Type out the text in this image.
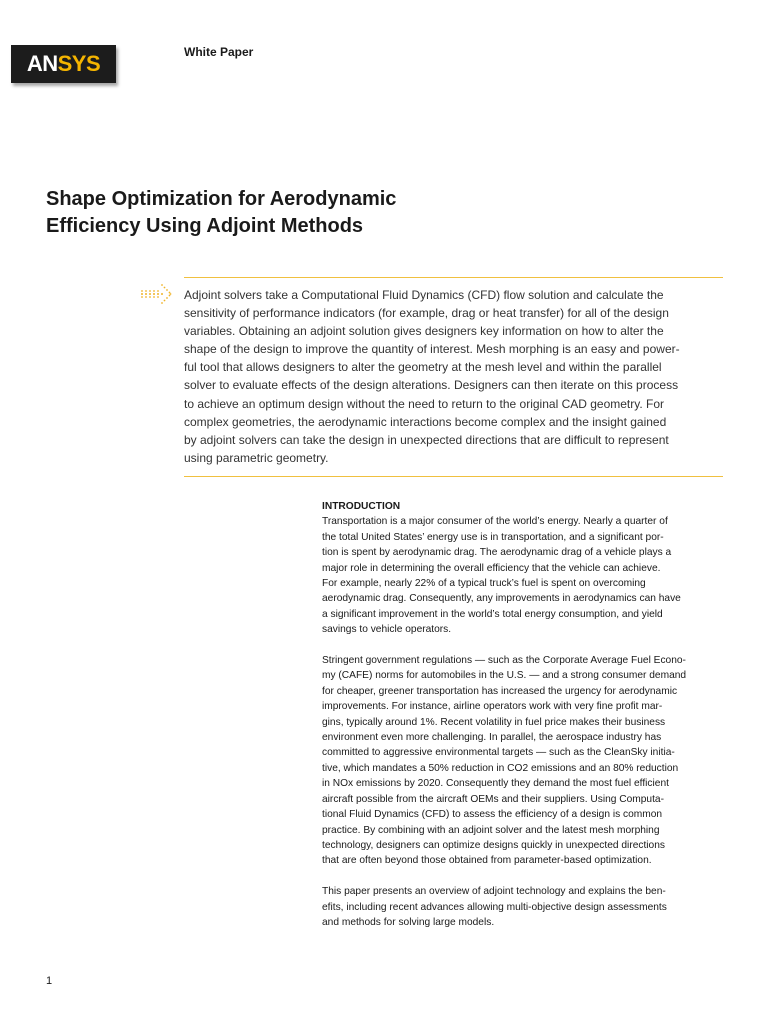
ANSYS	White Paper
Shape Optimization for Aerodynamic
Efficiency Using Adjoint Methods
Adjoint solvers take a Computational Fluid Dynamics (CFD) flow solution and calculate the
sensitivity of performance indicators (for example, drag or heat transfer) for all of the design
variables. Obtaining an adjoint solution gives designers key information on how to alter the
shape of the design to improve the quantity of interest. Mesh morphing is an easy and power-
ful tool that allows designers to alter the geometry at the mesh level and within the parallel
solver to evaluate effects of the design alterations. Designers can then iterate on this process
to achieve an optimum design without the need to return to the original CAD geometry. For
complex geometries, the aerodynamic interactions become complex and the insight gained
by adjoint solvers can take the design in unexpected directions that are difficult to represent
using parametric geometry.
INTRODUCTION

Transportation is a major consumer of the world’s energy. Nearly a quarter of
the total United States’ energy use is in transportation, and a significant por-
tion is spent by aerodynamic drag. The aerodynamic drag of a vehicle plays a
major role in determining the overall efficiency that the vehicle can achieve.
For example, nearly 22% of a typical truck’s fuel is spent on overcoming
aerodynamic drag. Consequently, any improvements in aerodynamics can have
a significant improvement in the world’s total energy consumption, and yield
savings to vehicle operators.

Stringent government regulations — such as the Corporate Average Fuel Econo-
my (CAFE) norms for automobiles in the U.S. — and a strong consumer demand
for cheaper, greener transportation has increased the urgency for aerodynamic
improvements. For instance, airline operators work with very fine profit mar-
gins, typically around 1%. Recent volatility in fuel price makes their business
environment even more challenging. In parallel, the aerospace industry has
committed to aggressive environmental targets — such as the CleanSky initia-
tive, which mandates a 50% reduction in CO2 emissions and an 80% reduction
in NOx emissions by 2020. Consequently they demand the most fuel efficient
aircraft possible from the aircraft OEMs and their suppliers. Using Computa-
tional Fluid Dynamics (CFD) to assess the efficiency of a design is common
practice. By combining with an adjoint solver and the latest mesh morphing
technology, designers can optimize designs quickly in unexpected directions
that are often beyond those obtained from parameter-based optimization.

This paper presents an overview of adjoint technology and explains the ben-
efits, including recent advances allowing multi-objective design assessments
and methods for solving large models.

1
